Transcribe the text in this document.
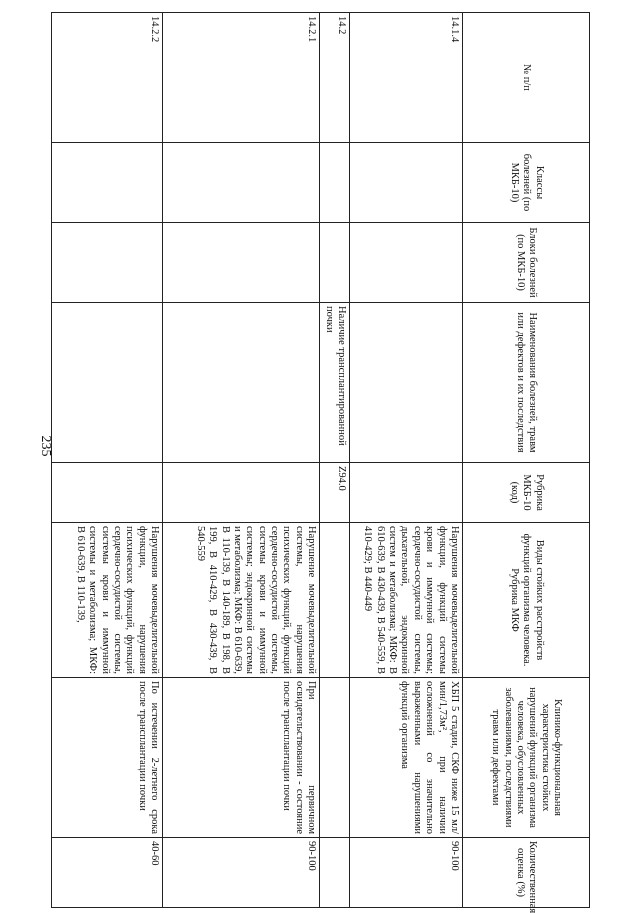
235
№ п/п	Классы болезней (по МКБ-10)	Блоки болезней (по МКБ-10)	Наименования болезней, травм или дефектов и их последствия	Рубрика МКБ-10 (код)	Виды стойких расстройств функций организма человека. Рубрика МКФ	Клинико-функциональная характеристика стойких нарушений функций организма человека, обусловленных заболеваниями, последствиями травм или дефектами	Количественная оценка (%)
14.1.4					Нарушения мочевыделительной функции, функций системы крови и иммунной системы; сердечно-сосудистой системы, дыхательной, эндокринной систем и метаболизма; МКФ: B 610-639, B 430-439, B 540-559, B 410-429; B 440-449	ХБП 5 стадии, СКФ ниже 15 мл/мин/1,73м², при наличии осложнений со значительно выраженными нарушениями функций организма	90-100
14.2			Наличие трансплантированной почки	Z94.0			
14.2.1					Нарушение мочевыделительной системы, нарушения психических функций, функций сердечно-сосудистой системы, системы крови и иммунной системы; эндокринной системы и метаболизма; МКФ: B 610-639, B 110-139, B 140-189, B 198, B 199, B 410-429, B 430-439, B 540-559	При первичном освидетельствовании - состояние после трансплантации почки	90-100
14.2.2					Нарушения мочевыделительной функции, нарушения психических функций, функций сердечно-сосудистой системы, системы крови и иммунной системы и метаболизма; МКФ: B 610-639, B 110-139,	По истечении 2-летнего срока после трансплантации почки	40-60
